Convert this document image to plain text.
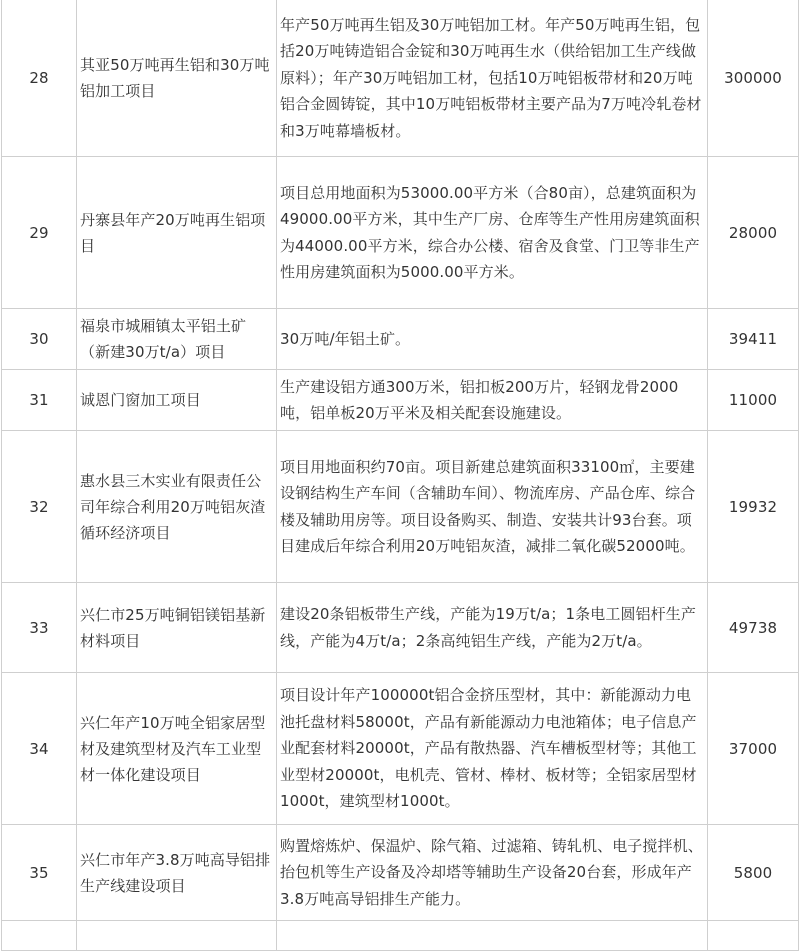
28	其亚50万吨再生铝和30万吨铝加工项目	年产50万吨再生铝及30万吨铝加工材。年产50万吨再生铝，包括20万吨铸造铝合金锭和30万吨再生水（供给铝加工生产线做原料）；年产30万吨铝加工材，包括10万吨铝板带材和20万吨铝合金圆铸锭，其中10万吨铝板带材主要产品为7万吨冷轧卷材和3万吨幕墙板材。	300000
29	丹寨县年产20万吨再生铝项目	项目总用地面积为53000.00平方米（合80亩），总建筑面积为49000.00平方米，其中生产厂房、仓库等生产性用房建筑面积为44000.00平方米，综合办公楼、宿舍及食堂、门卫等非生产性用房建筑面积为5000.00平方米。	28000
30	福泉市城厢镇太平铝土矿（新建30万t/a）项目	30万吨/年铝土矿。	39411
31	诚恩门窗加工项目	生产建设铝方通300万米，铝扣板200万片，轻钢龙骨2000吨，铝单板20万平米及相关配套设施建设。	11000
32	惠水县三木实业有限责任公司年综合利用20万吨铝灰渣循环经济项目	项目用地面积约70亩。项目新建总建筑面积33100㎡，主要建设钢结构生产车间（含辅助车间）、物流库房、产品仓库、综合楼及辅助用房等。项目设备购买、制造、安装共计93台套。项目建成后年综合利用20万吨铝灰渣，减排二氧化碳52000吨。	19932
33	兴仁市25万吨铜铝镁铝基新材料项目	建设20条铝板带生产线，产能为19万t/a；1条电工圆铝杆生产线，产能为4万t/a；2条高纯铝生产线，产能为2万t/a。	49738
34	兴仁年产10万吨全铝家居型材及建筑型材及汽车工业型材一体化建设项目	项目设计年产100000t铝合金挤压型材，其中：新能源动力电池托盘材料58000t，产品有新能源动力电池箱体；电子信息产业配套材料20000t，产品有散热器、汽车槽板型材等；其他工业型材20000t，电机壳、管材、棒材、板材等；全铝家居型材1000t，建筑型材1000t。	37000
35	兴仁市年产3.8万吨高导铝排生产线建设项目	购置熔炼炉、保温炉、除气箱、过滤箱、铸轧机、电子搅拌机、抬包机等生产设备及冷却塔等辅助生产设备20台套，形成年产3.8万吨高导铝排生产能力。	5800
